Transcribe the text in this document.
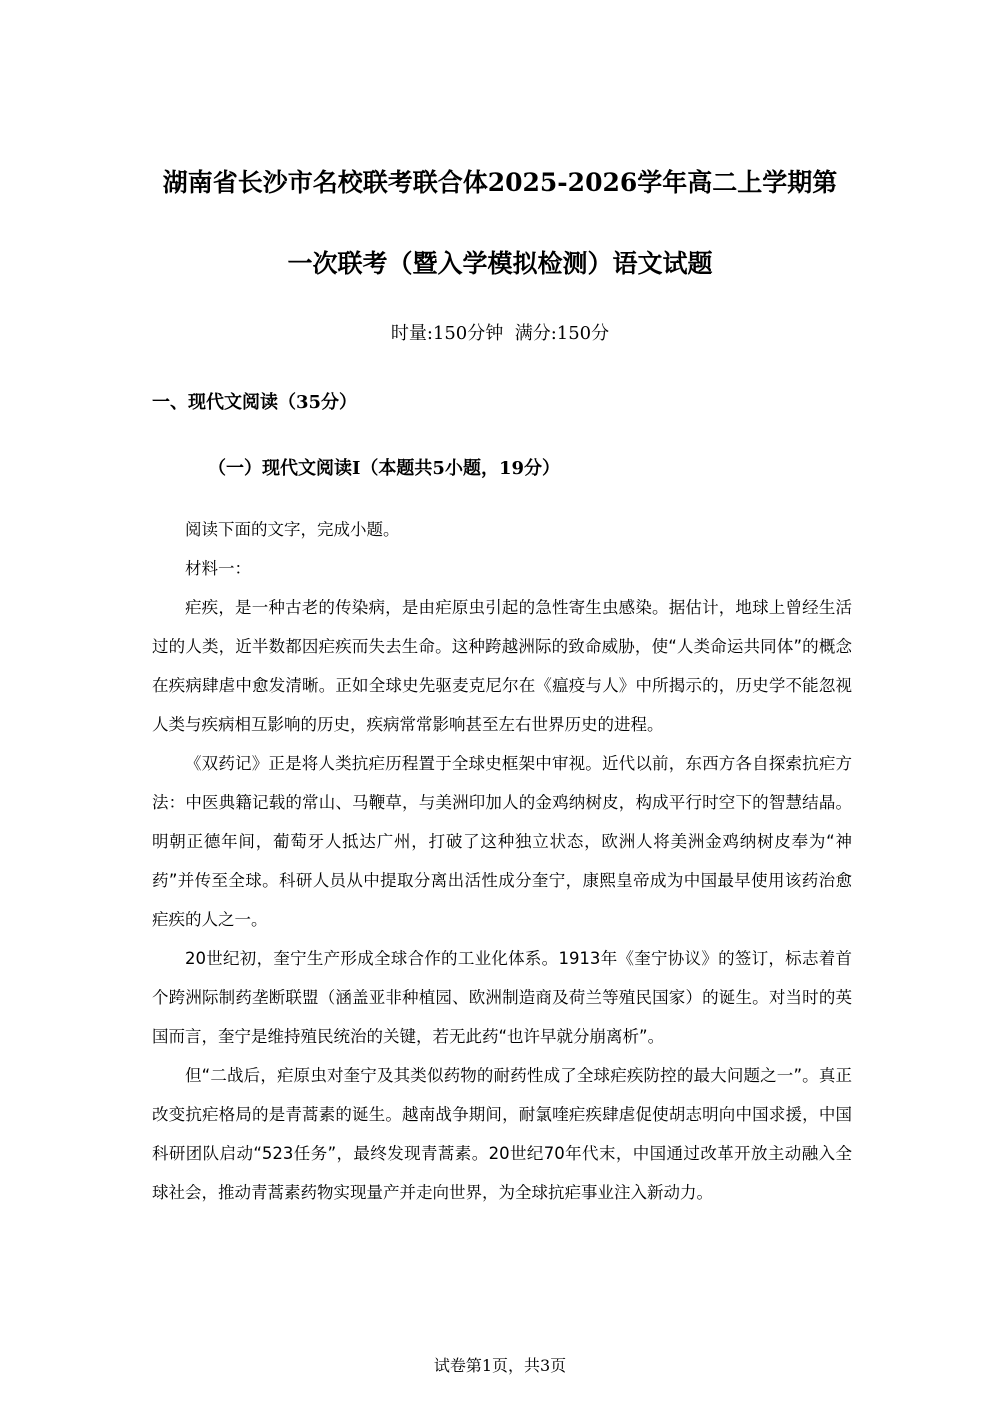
湖南省长沙市名校联考联合体2025-2026学年高二上学期第
一次联考（暨入学模拟检测）语文试题
时量:150分钟  满分:150分
一、现代文阅读（35分）
（一）现代文阅读Ⅰ（本题共5小题，19分）

阅读下面的文字，完成小题。

材料一：

疟疾，是一种古老的传染病，是由疟原虫引起的急性寄生虫感染。据估计，地球上曾经生活过的人类，近半数都因疟疾而失去生命。这种跨越洲际的致命威胁，使“人类命运共同体”的概念在疾病肆虐中愈发清晰。正如全球史先驱麦克尼尔在《瘟疫与人》中所揭示的，历史学不能忽视人类与疾病相互影响的历史，疾病常常影响甚至左右世界历史的进程。

《双药记》正是将人类抗疟历程置于全球史框架中审视。近代以前，东西方各自探索抗疟方法：中医典籍记载的常山、马鞭草，与美洲印加人的金鸡纳树皮，构成平行时空下的智慧结晶。明朝正德年间，葡萄牙人抵达广州，打破了这种独立状态，欧洲人将美洲金鸡纳树皮奉为“神药”并传至全球。科研人员从中提取分离出活性成分奎宁，康熙皇帝成为中国最早使用该药治愈疟疾的人之一。

20世纪初，奎宁生产形成全球合作的工业化体系。1913年《奎宁协议》的签订，标志着首个跨洲际制药垄断联盟（涵盖亚非种植园、欧洲制造商及荷兰等殖民国家）的诞生。对当时的英国而言，奎宁是维持殖民统治的关键，若无此药“也许早就分崩离析”。

但“二战后，疟原虫对奎宁及其类似药物的耐药性成了全球疟疾防控的最大问题之一”。真正改变抗疟格局的是青蒿素的诞生。越南战争期间，耐氯喹疟疾肆虐促使胡志明向中国求援，中国科研团队启动“523任务”，最终发现青蒿素。20世纪70年代末，中国通过改革开放主动融入全球社会，推动青蒿素药物实现量产并走向世界，为全球抗疟事业注入新动力。

试卷第1页，共3页
